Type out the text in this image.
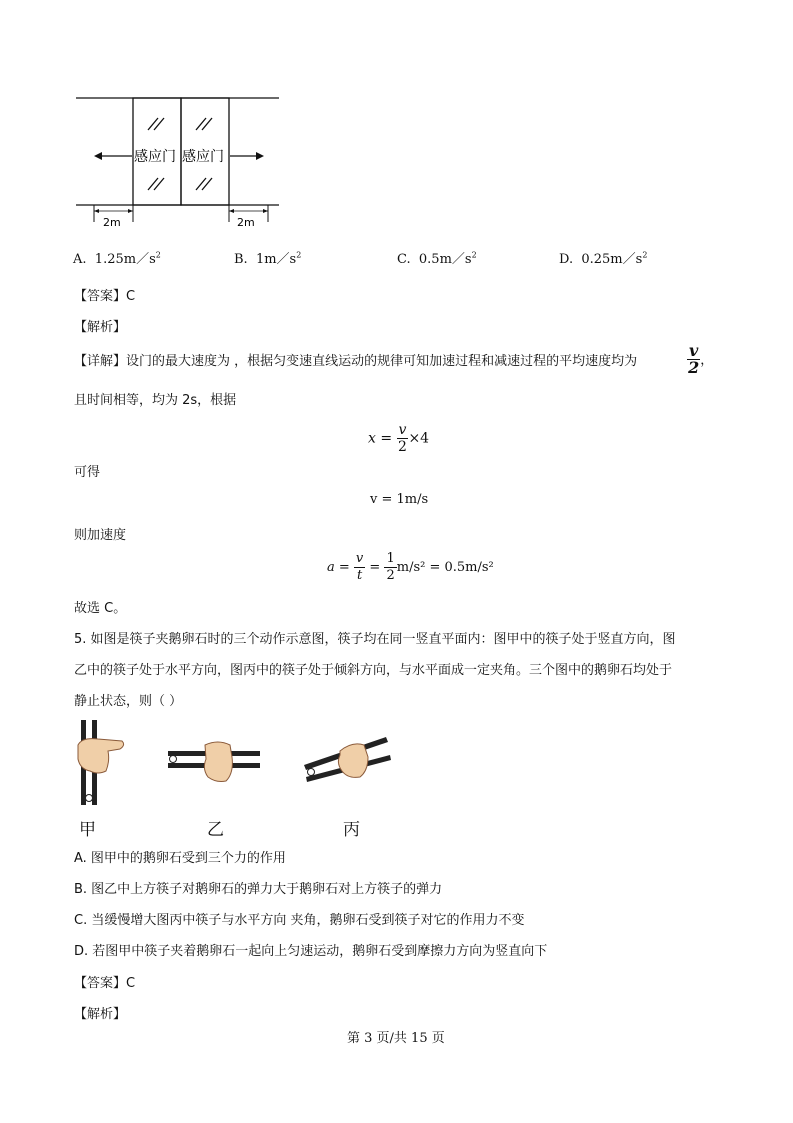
感应门 感应门
2m	2m
A. $1.25m/s^2$	B. $1m/s^2$	C. $0.5m/s^2$	D. $0.25m/s^2$
【答案】C
【解析】
【详解】设门的最大速度为 ，根据匀变速直线运动的规律可知加速过程和减速过程的平均速度均为	$\frac{v}{2}$ ，
且时间相等，均为 2s，根据
$x = \frac{v}{2} \times 4$
可得
v = 1m/s
则加速度
$a = \frac{v}{t} = \frac{1}{2} m/s^2 = 0.5m/s^2$
故选 C。
5. 如图是筷子夹鹅卵石时的三个动作示意图，筷子均在同一竖直平面内：图甲中的筷子处于竖直方向，图
乙中的筷子处于水平方向，图丙中的筷子处于倾斜方向，与水平面成一定夹角。三个图中的鹅卵石均处于
静止状态，则（ ）
甲	乙	丙
A. 图甲中的鹅卵石受到三个力的作用
B. 图乙中上方筷子对鹅卵石的弹力大于鹅卵石对上方筷子的弹力
C. 当缓慢增大图丙中筷子与水平方向 夹角，鹅卵石受到筷子对它的作用力不变
D. 若图甲中筷子夹着鹅卵石一起向上匀速运动，鹅卵石受到摩擦力方向为竖直向下
【答案】C
【解析】
第 3 页/共 15 页
